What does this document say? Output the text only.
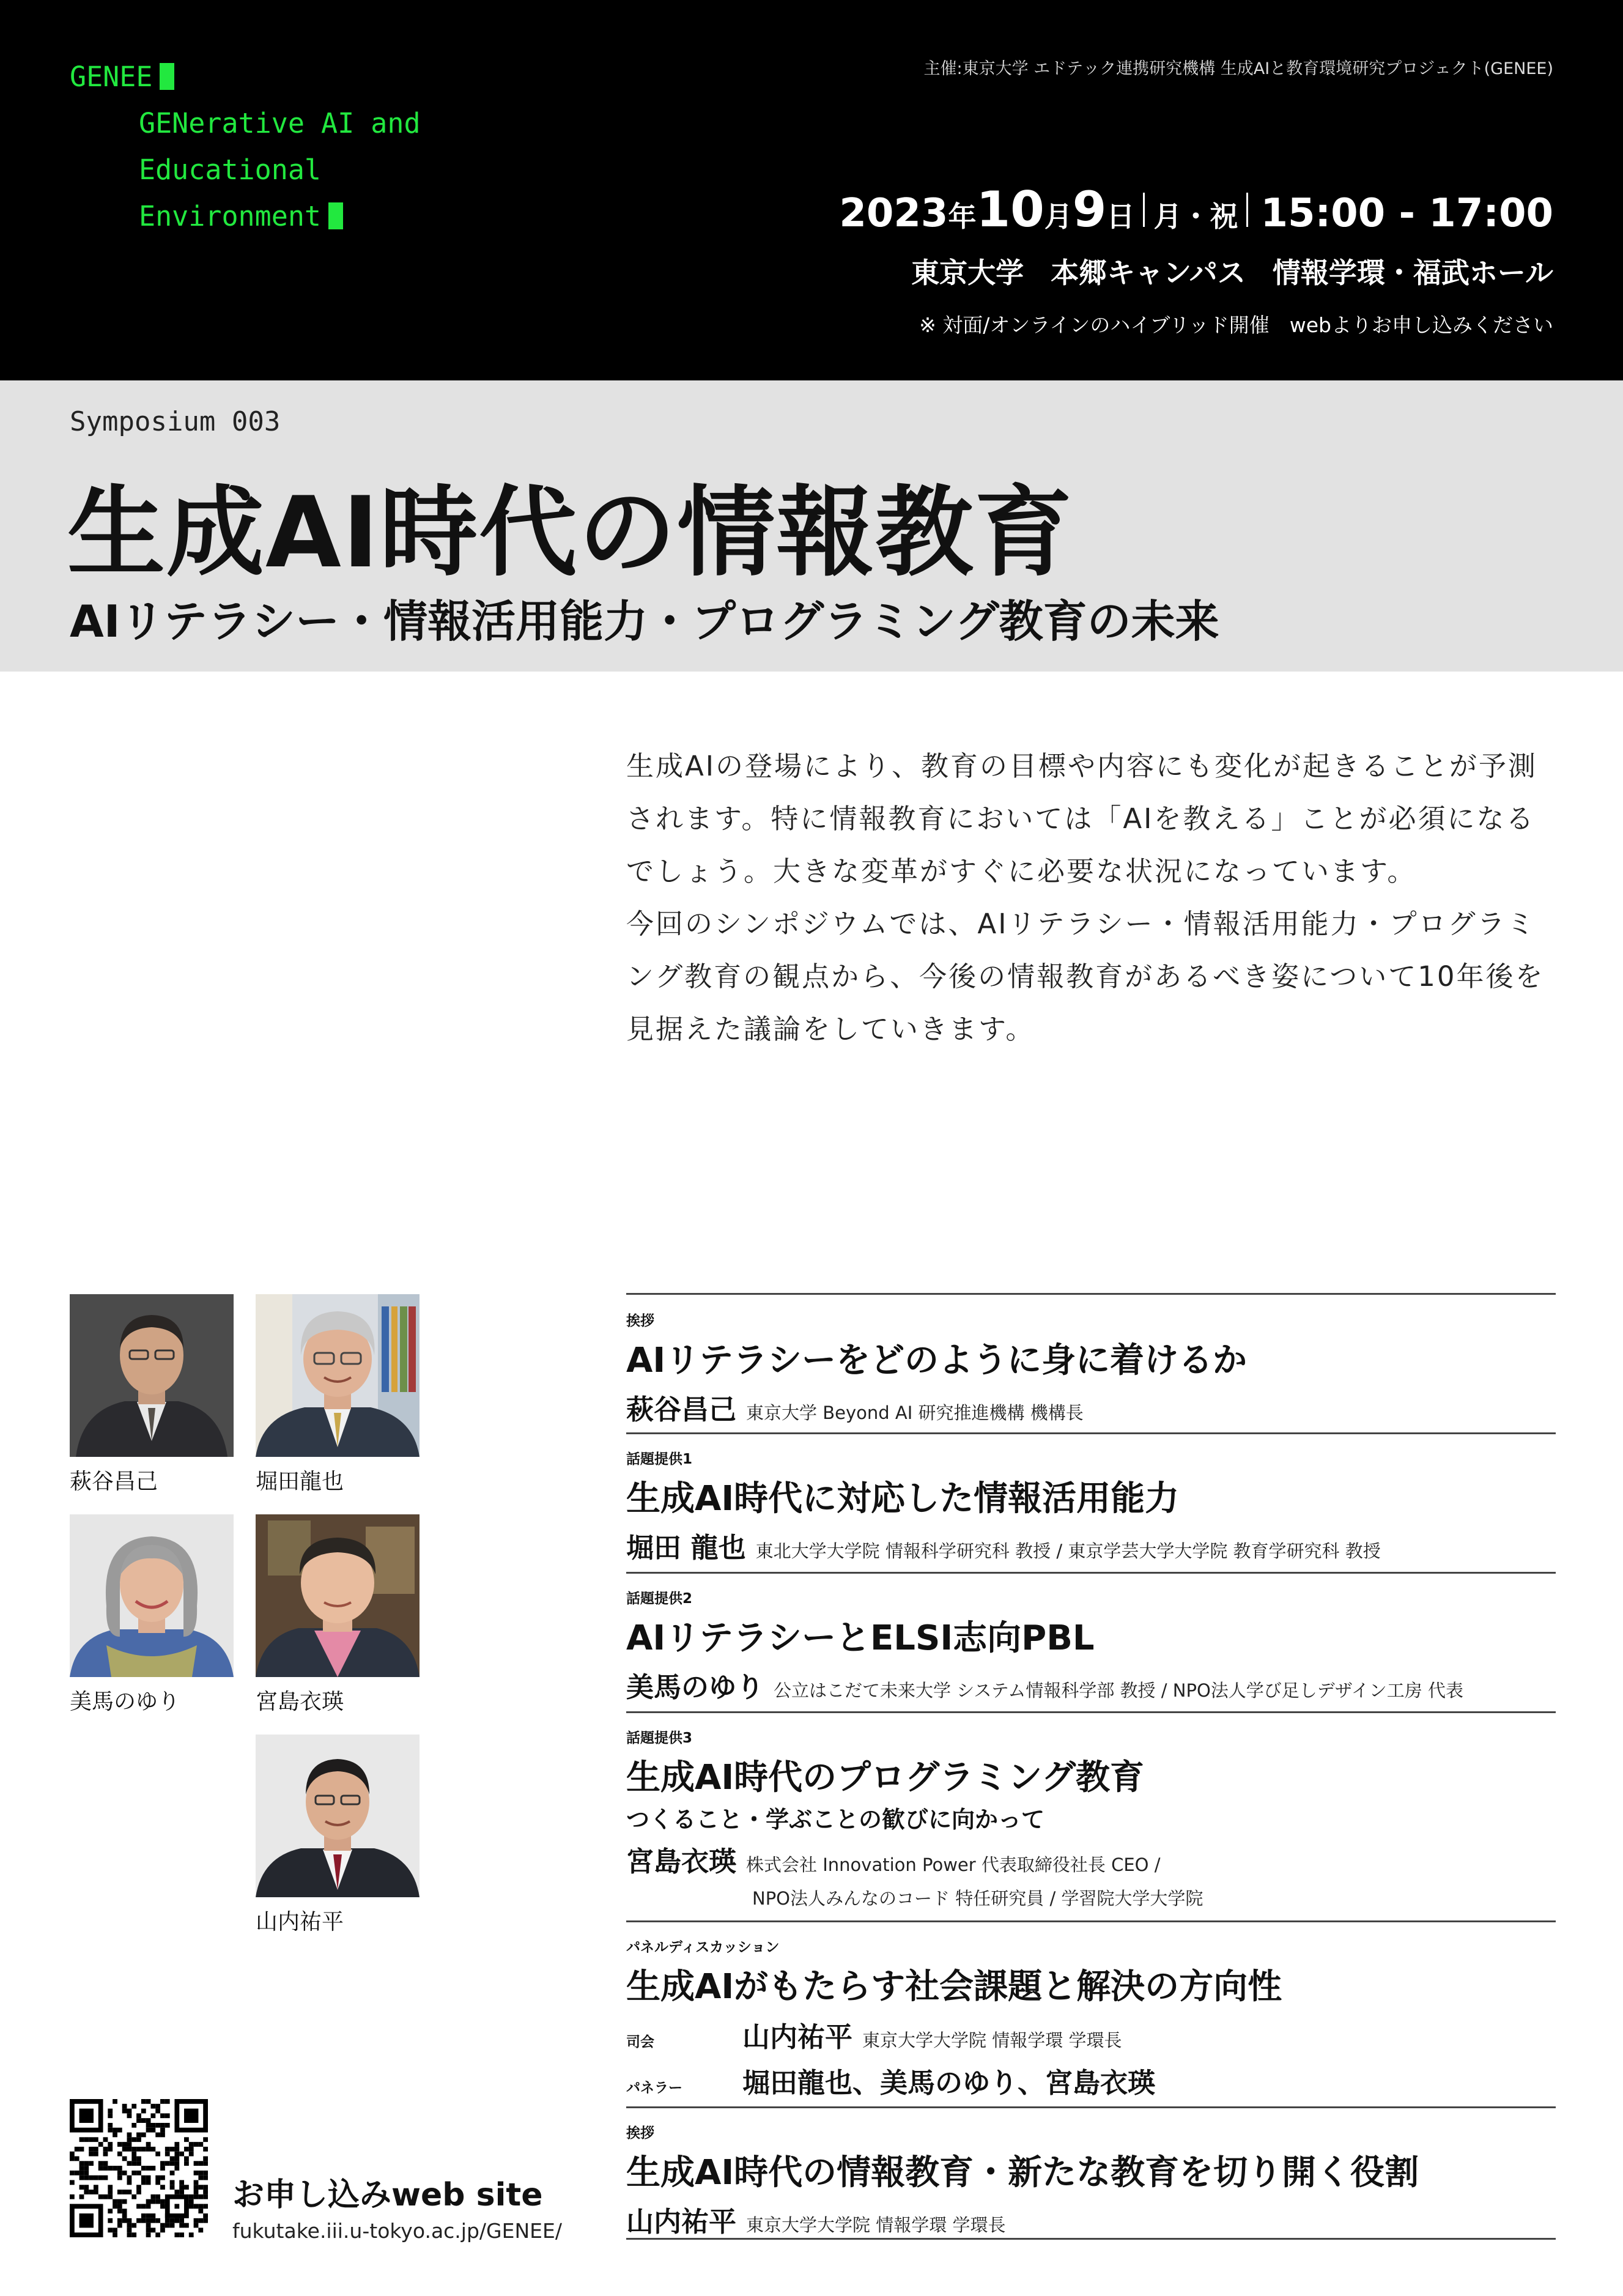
GENEE
GENerative AI and
Educational
Environment
主催:東京大学 エドテック連携研究機構 生成AIと教育環境研究プロジェクト(GENEE)
2023 年 10 月 9 日 月・祝 15:00 - 17:00
東京大学 本郷キャンパス 情報学環・福武ホール
※ 対面/オンラインのハイブリッド開催　webよりお申し込みください
Symposium 003
生成AI時代の情報教育
AIリテラシー・情報活用能力・プログラミング教育の未来

生成AIの登場により、教育の目標や内容にも変化が起きることが予測されます。特に情報教育においては「AIを教える」ことが必須になるでしょう。大きな変革がすぐに必要な状況になっています。

今回のシンポジウムでは、AIリテラシー・情報活用能力・プログラミング教育の観点から、今後の情報教育があるべき姿について10年後を見据えた議論をしていきます。

萩谷昌己	堀田龍也
美馬のゆり	宮島衣瑛
山内祐平
挨拶
AIリテラシーをどのように身に着けるか
萩谷昌己 東京大学 Beyond AI 研究推進機構 機構長
話題提供1
生成AI時代に対応した情報活用能力
堀田 龍也 東北大学大学院 情報科学研究科 教授 / 東京学芸大学大学院 教育学研究科 教授
話題提供2
AIリテラシーとELSI志向PBL
美馬のゆり 公立はこだて未来大学 システム情報科学部 教授 / NPO法人学び足しデザイン工房 代表
話題提供3
生成AI時代のプログラミング教育
つくること・学ぶことの歓びに向かって
宮島衣瑛 株式会社 Innovation Power 代表取締役社長 CEO /
NPO法人みんなのコード 特任研究員 / 学習院大学大学院
パネルディスカッション
生成AIがもたらす社会課題と解決の方向性
司会	山内祐平 東京大学大学院 情報学環 学環長
パネラー 堀田龍也、美馬のゆり、宮島衣瑛
挨拶
生成AI時代の情報教育・新たな教育を切り開く役割
山内祐平 東京大学大学院 情報学環 学環長
お申し込みweb site
fukutake.iii.u-tokyo.ac.jp/GENEE/
